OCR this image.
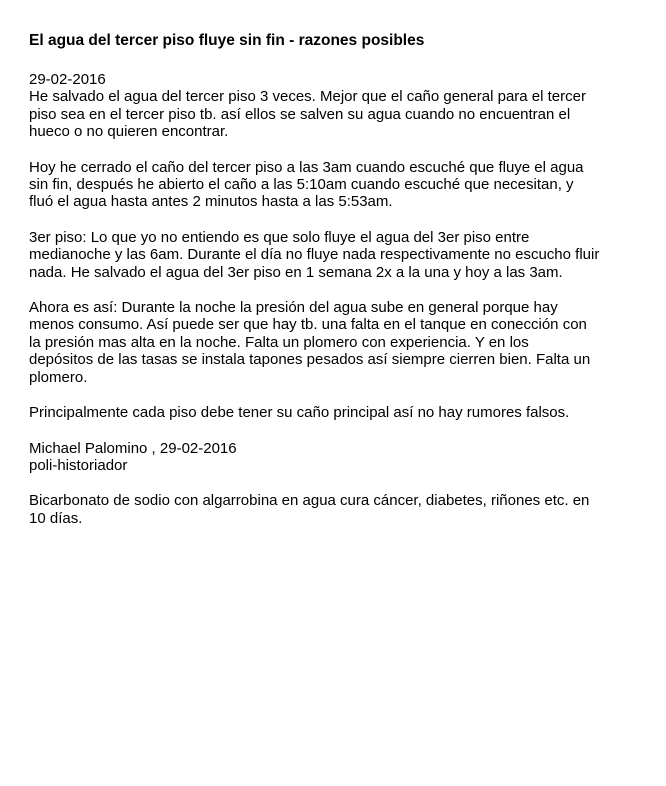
El agua del tercer piso fluye sin fin - razones posibles

29-02-2016
He salvado el agua del tercer piso 3 veces. Mejor que el caño general para el tercer
piso sea en el tercer piso tb. así ellos se salven su agua cuando no encuentran el
hueco o no quieren encontrar.

Hoy he cerrado el caño del tercer piso a las 3am cuando escuché que fluye el agua
sin fin, después he abierto el caño a las 5:10am cuando escuché que necesitan, y
fluó el agua hasta antes 2 minutos hasta a las 5:53am.

3er piso: Lo que yo no entiendo es que solo fluye el agua del 3er piso entre
medianoche y las 6am. Durante el día no fluye nada respectivamente no escucho fluir
nada. He salvado el agua del 3er piso en 1 semana 2x a la una y hoy a las 3am.

Ahora es así: Durante la noche la presión del agua sube en general porque hay
menos consumo. Así puede ser que hay tb. una falta en el tanque en conección con
la presión mas alta en la noche. Falta un plomero con experiencia. Y en los
depósitos de las tasas se instala tapones pesados así siempre cierren bien. Falta un
plomero.

Principalmente cada piso debe tener su caño principal así no hay rumores falsos.

Michael Palomino , 29-02-2016
poli-historiador

Bicarbonato de sodio con algarrobina en agua cura cáncer, diabetes, riñones etc. en
10 días.
